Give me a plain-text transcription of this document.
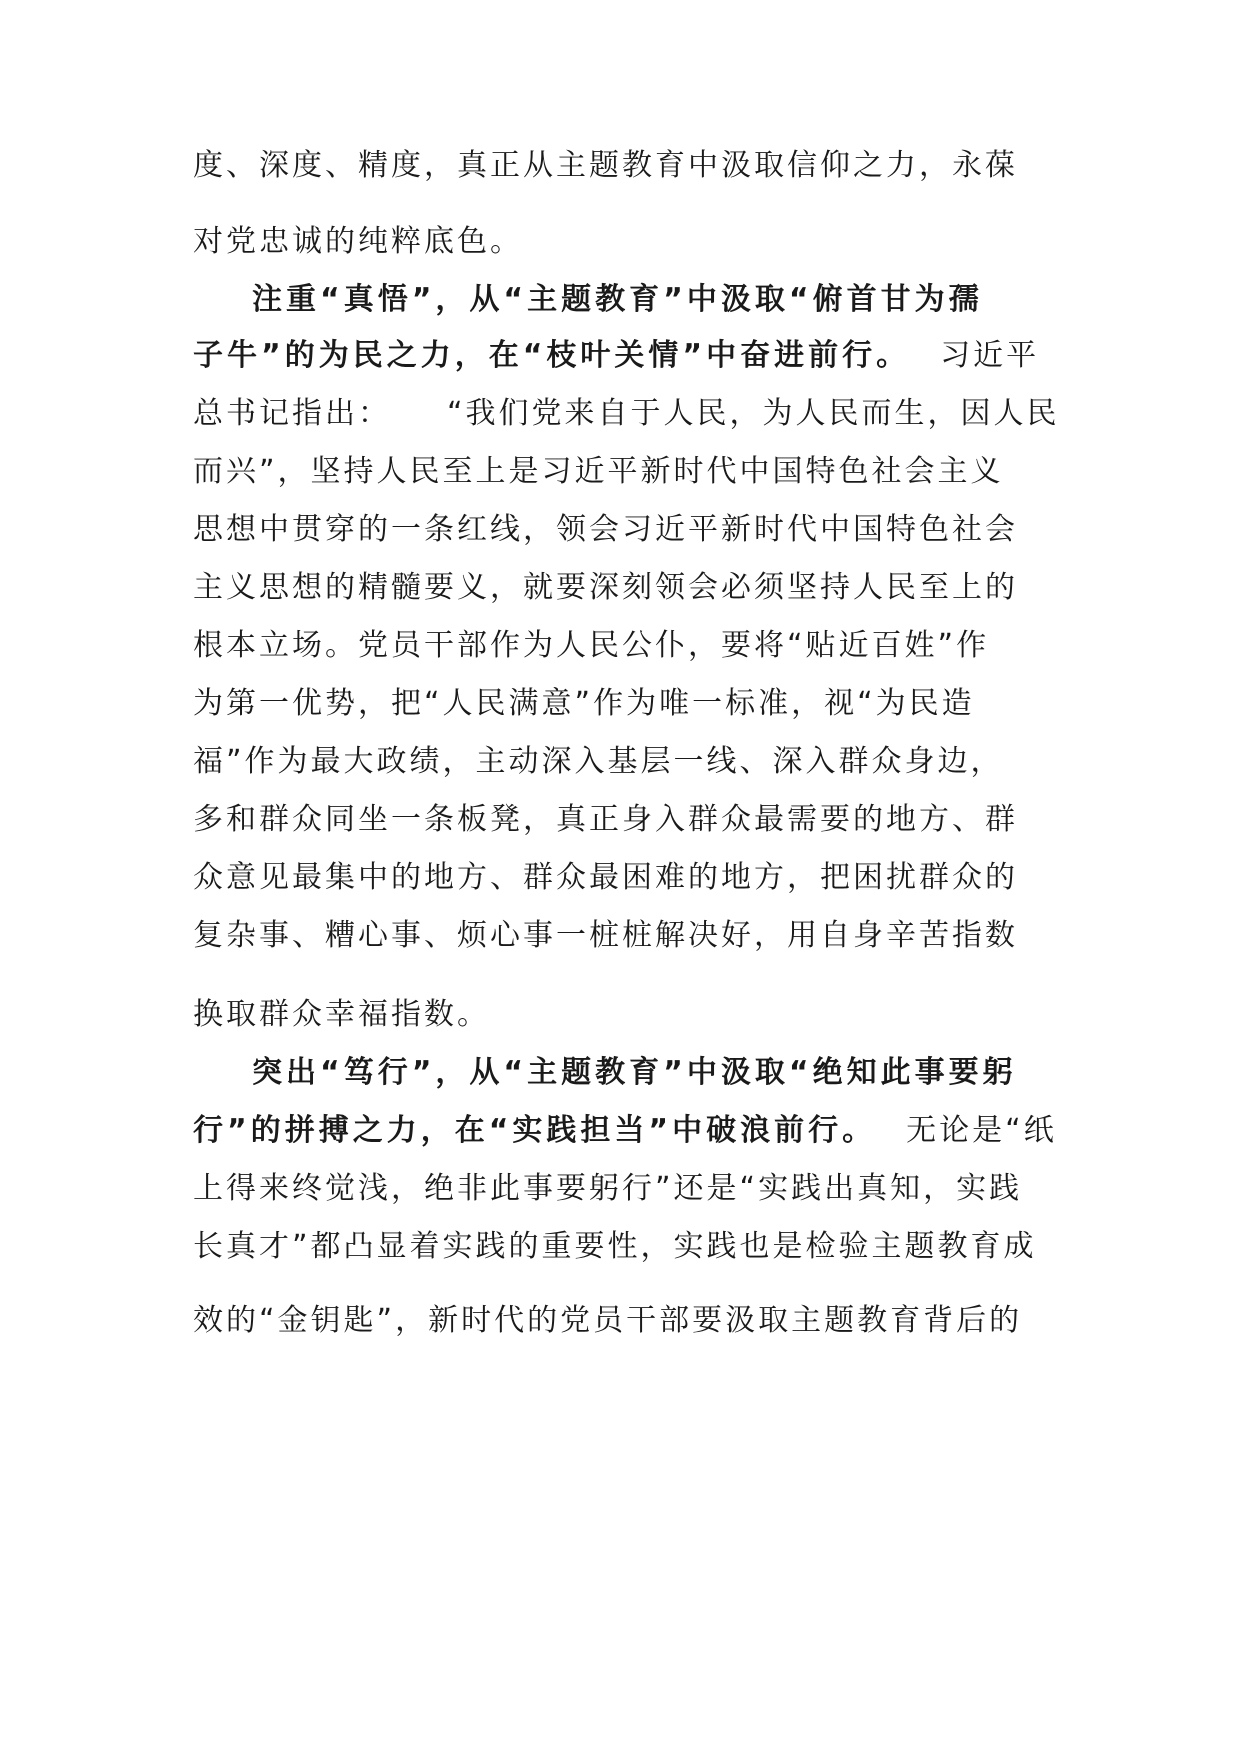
度、深度、精度，真正从主题教育中汲取信仰之力，永葆
对党忠诚的纯粹底色。
注重“真悟”，从“主题教育”中汲取“俯首甘为孺
子牛”的为民之力，在“枝叶关情”中奋进前行。 习近平
总书记指出： “我们党来自于人民，为人民而生，因人民
而兴”，坚持人民至上是习近平新时代中国特色社会主义
思想中贯穿的一条红线，领会习近平新时代中国特色社会
主义思想的精髓要义，就要深刻领会必须坚持人民至上的
根本立场。党员干部作为人民公仆，要将“贴近百姓”作
为第一优势，把“人民满意”作为唯一标准，视“为民造
福”作为最大政绩，主动深入基层一线、深入群众身边，
多和群众同坐一条板凳，真正身入群众最需要的地方、群
众意见最集中的地方、群众最困难的地方，把困扰群众的
复杂事、糟心事、烦心事一桩桩解决好，用自身辛苦指数
换取群众幸福指数。
突出“笃行”，从“主题教育”中汲取“绝知此事要躬
行”的拼搏之力，在“实践担当”中破浪前行。 无论是“纸
上得来终觉浅，绝非此事要躬行”还是“实践出真知，实践
长真才”都凸显着实践的重要性，实践也是检验主题教育成
效的“金钥匙”，新时代的党员干部要汲取主题教育背后的
